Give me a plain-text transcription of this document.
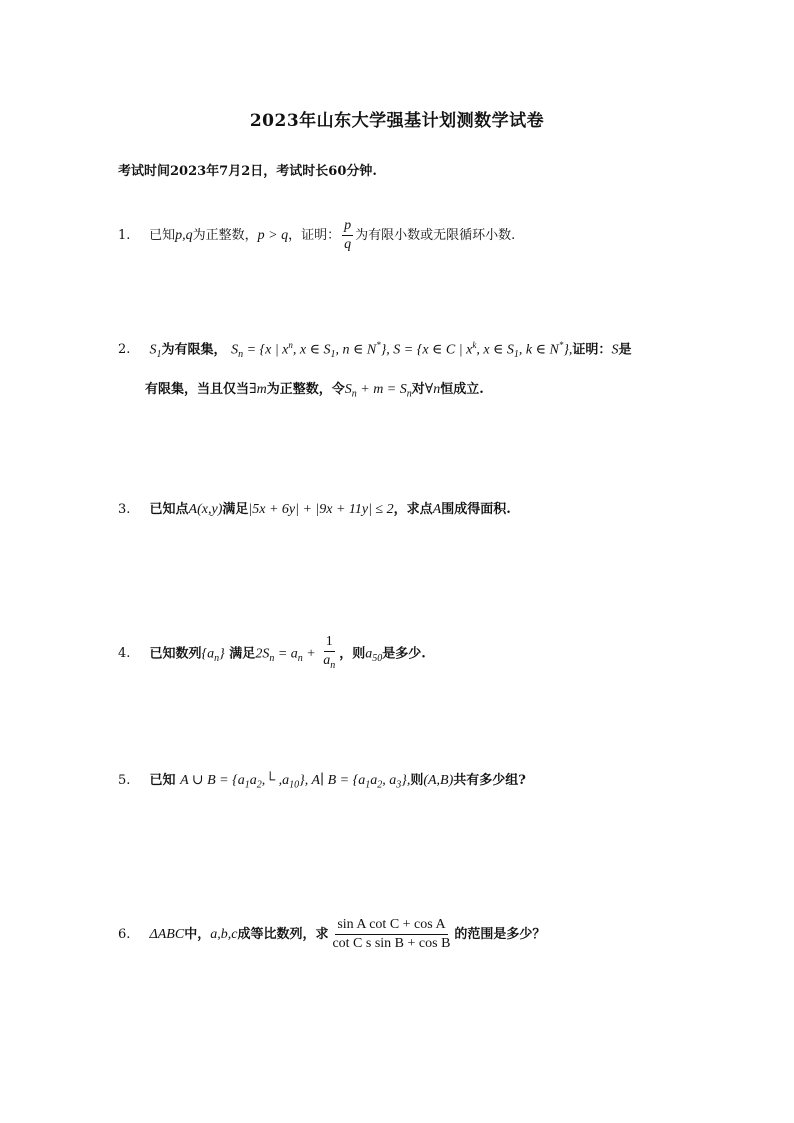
2023年山东大学强基计划测数学试卷
考试时间2023年7月2日，考试时长60分钟.
1. 已知p,q为正整数，p > q，证明： $\frac{p}{q}$ 为有限小数或无限循环小数.
2. $S_1$为有限集， $S_n = \{x$ | $x^n$, x ∈ $S_1$, n ∈ N*}, S = {x ∈ C | $x^k$, x ∈ $S_1$, k ∈ N*},证明：S是
有限集，当且仅当∃m为正整数，令$S_n + m = S_n$对∀n恒成立.
3. 已知点A(x,y)满足|5x + 6y| + |9x + 11y| ≤ 2，求点A围成得面积.
4. 已知数列$\{a_n\}$ 满足$2S_n = a_n + \frac{1}{a_n}$ ，则$a_{50}$是多少.
5. 已知 A ∪ $B = \{a_1a_2,└$ $,a_{10}$}, A∣ $B = \{a_1a_2$, $a_3$},则(A,B)共有多少组?
6. ΔABC中，a,b,c成等比数列，求 $\frac{\text{sin A cot C + cos A}}{\text{cot C s sin B + cos B}}$ 的范围是多少？
